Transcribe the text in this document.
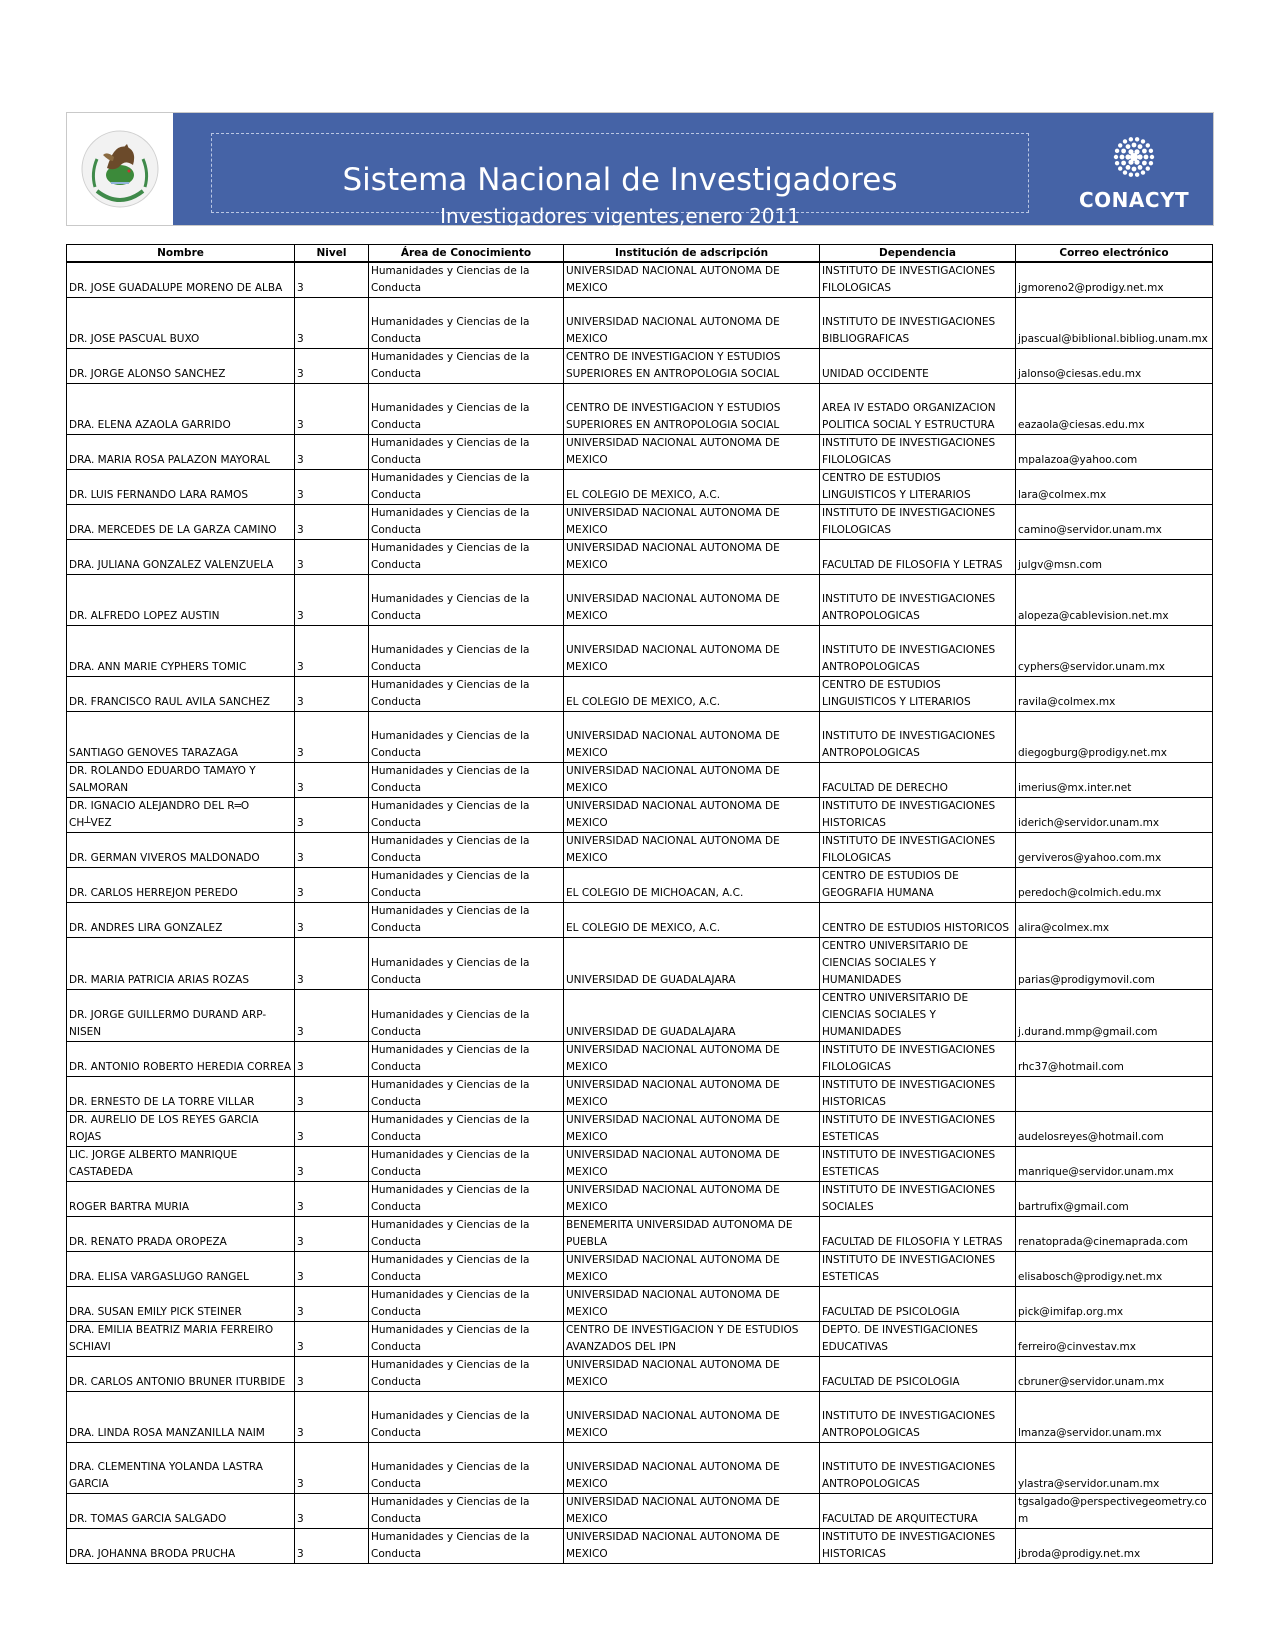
Sistema Nacional de Investigadores
Investigadores vigentes,enero 2011
CONACYT
Nombre	Nivel	Área de Conocimiento	Institución de adscripción	Dependencia	Correo electrónico
DR. JOSE GUADALUPE MORENO DE ALBA	3	Humanidades y Ciencias de la Conducta	UNIVERSIDAD NACIONAL AUTONOMA DE MEXICO	INSTITUTO DE INVESTIGACIONES FILOLOGICAS	jgmoreno2@prodigy.net.mx
DR. JOSE PASCUAL BUXO	3	Humanidades y Ciencias de la Conducta	UNIVERSIDAD NACIONAL AUTONOMA DE MEXICO	INSTITUTO DE INVESTIGACIONES BIBLIOGRAFICAS	jpascual@biblional.bibliog.unam.mx
DR. JORGE ALONSO SANCHEZ	3	Humanidades y Ciencias de la Conducta	CENTRO DE INVESTIGACION Y ESTUDIOS SUPERIORES EN ANTROPOLOGIA SOCIAL	UNIDAD OCCIDENTE	jalonso@ciesas.edu.mx
DRA. ELENA AZAOLA GARRIDO	3	Humanidades y Ciencias de la Conducta	CENTRO DE INVESTIGACION Y ESTUDIOS SUPERIORES EN ANTROPOLOGIA SOCIAL	AREA IV ESTADO ORGANIZACION POLITICA SOCIAL Y ESTRUCTURA	eazaola@ciesas.edu.mx
DRA. MARIA ROSA PALAZON MAYORAL	3	Humanidades y Ciencias de la Conducta	UNIVERSIDAD NACIONAL AUTONOMA DE MEXICO	INSTITUTO DE INVESTIGACIONES FILOLOGICAS	mpalazoa@yahoo.com
DR. LUIS FERNANDO LARA RAMOS	3	Humanidades y Ciencias de la Conducta	EL COLEGIO DE MEXICO, A.C.	CENTRO DE ESTUDIOS LINGUISTICOS Y LITERARIOS	lara@colmex.mx
DRA. MERCEDES DE LA GARZA CAMINO	3	Humanidades y Ciencias de la Conducta	UNIVERSIDAD NACIONAL AUTONOMA DE MEXICO	INSTITUTO DE INVESTIGACIONES FILOLOGICAS	camino@servidor.unam.mx
DRA. JULIANA GONZALEZ VALENZUELA	3	Humanidades y Ciencias de la Conducta	UNIVERSIDAD NACIONAL AUTONOMA DE MEXICO	FACULTAD DE FILOSOFIA Y LETRAS	julgv@msn.com
DR. ALFREDO LOPEZ AUSTIN	3	Humanidades y Ciencias de la Conducta	UNIVERSIDAD NACIONAL AUTONOMA DE MEXICO	INSTITUTO DE INVESTIGACIONES ANTROPOLOGICAS	alopeza@cablevision.net.mx
DRA. ANN MARIE CYPHERS TOMIC	3	Humanidades y Ciencias de la Conducta	UNIVERSIDAD NACIONAL AUTONOMA DE MEXICO	INSTITUTO DE INVESTIGACIONES ANTROPOLOGICAS	cyphers@servidor.unam.mx
DR. FRANCISCO RAUL AVILA SANCHEZ	3	Humanidades y Ciencias de la Conducta	EL COLEGIO DE MEXICO, A.C.	CENTRO DE ESTUDIOS LINGUISTICOS Y LITERARIOS	ravila@colmex.mx
SANTIAGO GENOVES TARAZAGA	3	Humanidades y Ciencias de la Conducta	UNIVERSIDAD NACIONAL AUTONOMA DE MEXICO	INSTITUTO DE INVESTIGACIONES ANTROPOLOGICAS	diegogburg@prodigy.net.mx
DR. ROLANDO EDUARDO TAMAYO Y SALMORAN	3	Humanidades y Ciencias de la Conducta	UNIVERSIDAD NACIONAL AUTONOMA DE MEXICO	FACULTAD DE DERECHO	imerius@mx.inter.net
DR. IGNACIO ALEJANDRO DEL R═O CH┴VEZ	3	Humanidades y Ciencias de la Conducta	UNIVERSIDAD NACIONAL AUTONOMA DE MEXICO	INSTITUTO DE INVESTIGACIONES HISTORICAS	iderich@servidor.unam.mx
DR. GERMAN VIVEROS MALDONADO	3	Humanidades y Ciencias de la Conducta	UNIVERSIDAD NACIONAL AUTONOMA DE MEXICO	INSTITUTO DE INVESTIGACIONES FILOLOGICAS	gerviveros@yahoo.com.mx
DR. CARLOS HERREJON PEREDO	3	Humanidades y Ciencias de la Conducta	EL COLEGIO DE MICHOACAN, A.C.	CENTRO DE ESTUDIOS DE GEOGRAFIA HUMANA	peredoch@colmich.edu.mx
DR. ANDRES LIRA GONZALEZ	3	Humanidades y Ciencias de la Conducta	EL COLEGIO DE MEXICO, A.C.	CENTRO DE ESTUDIOS HISTORICOS	alira@colmex.mx
DR. MARIA PATRICIA ARIAS ROZAS	3	Humanidades y Ciencias de la Conducta	UNIVERSIDAD DE GUADALAJARA	CENTRO UNIVERSITARIO DE CIENCIAS SOCIALES Y HUMANIDADES	parias@prodigymovil.com
DR. JORGE GUILLERMO DURAND ARP-NISEN	3	Humanidades y Ciencias de la Conducta	UNIVERSIDAD DE GUADALAJARA	CENTRO UNIVERSITARIO DE CIENCIAS SOCIALES Y HUMANIDADES	j.durand.mmp@gmail.com
DR. ANTONIO ROBERTO HEREDIA CORREA	3	Humanidades y Ciencias de la Conducta	UNIVERSIDAD NACIONAL AUTONOMA DE MEXICO	INSTITUTO DE INVESTIGACIONES FILOLOGICAS	rhc37@hotmail.com
DR. ERNESTO DE LA TORRE VILLAR	3	Humanidades y Ciencias de la Conducta	UNIVERSIDAD NACIONAL AUTONOMA DE MEXICO	INSTITUTO DE INVESTIGACIONES HISTORICAS	
DR. AURELIO DE LOS REYES GARCIA ROJAS	3	Humanidades y Ciencias de la Conducta	UNIVERSIDAD NACIONAL AUTONOMA DE MEXICO	INSTITUTO DE INVESTIGACIONES ESTETICAS	audelosreyes@hotmail.com
LIC. JORGE ALBERTO MANRIQUE CASTAÐEDA	3	Humanidades y Ciencias de la Conducta	UNIVERSIDAD NACIONAL AUTONOMA DE MEXICO	INSTITUTO DE INVESTIGACIONES ESTETICAS	manrique@servidor.unam.mx
ROGER BARTRA MURIA	3	Humanidades y Ciencias de la Conducta	UNIVERSIDAD NACIONAL AUTONOMA DE MEXICO	INSTITUTO DE INVESTIGACIONES SOCIALES	bartrufix@gmail.com
DR. RENATO PRADA OROPEZA	3	Humanidades y Ciencias de la Conducta	BENEMERITA UNIVERSIDAD AUTONOMA DE PUEBLA	FACULTAD DE FILOSOFIA Y LETRAS	renatoprada@cinemaprada.com
DRA. ELISA VARGASLUGO RANGEL	3	Humanidades y Ciencias de la Conducta	UNIVERSIDAD NACIONAL AUTONOMA DE MEXICO	INSTITUTO DE INVESTIGACIONES ESTETICAS	elisabosch@prodigy.net.mx
DRA. SUSAN EMILY PICK STEINER	3	Humanidades y Ciencias de la Conducta	UNIVERSIDAD NACIONAL AUTONOMA DE MEXICO	FACULTAD DE PSICOLOGIA	pick@imifap.org.mx
DRA. EMILIA BEATRIZ MARIA FERREIRO SCHIAVI	3	Humanidades y Ciencias de la Conducta	CENTRO DE INVESTIGACION Y DE ESTUDIOS AVANZADOS DEL IPN	DEPTO. DE INVESTIGACIONES EDUCATIVAS	ferreiro@cinvestav.mx
DR. CARLOS ANTONIO BRUNER ITURBIDE	3	Humanidades y Ciencias de la Conducta	UNIVERSIDAD NACIONAL AUTONOMA DE MEXICO	FACULTAD DE PSICOLOGIA	cbruner@servidor.unam.mx
DRA. LINDA ROSA MANZANILLA NAIM	3	Humanidades y Ciencias de la Conducta	UNIVERSIDAD NACIONAL AUTONOMA DE MEXICO	INSTITUTO DE INVESTIGACIONES ANTROPOLOGICAS	lmanza@servidor.unam.mx
DRA. CLEMENTINA YOLANDA LASTRA GARCIA	3	Humanidades y Ciencias de la Conducta	UNIVERSIDAD NACIONAL AUTONOMA DE MEXICO	INSTITUTO DE INVESTIGACIONES ANTROPOLOGICAS	ylastra@servidor.unam.mx
DR. TOMAS GARCIA SALGADO	3	Humanidades y Ciencias de la Conducta	UNIVERSIDAD NACIONAL AUTONOMA DE MEXICO	FACULTAD DE ARQUITECTURA	tgsalgado@perspectivegeometry.com
DRA. JOHANNA BRODA PRUCHA	3	Humanidades y Ciencias de la Conducta	UNIVERSIDAD NACIONAL AUTONOMA DE MEXICO	INSTITUTO DE INVESTIGACIONES HISTORICAS	jbroda@prodigy.net.mx
